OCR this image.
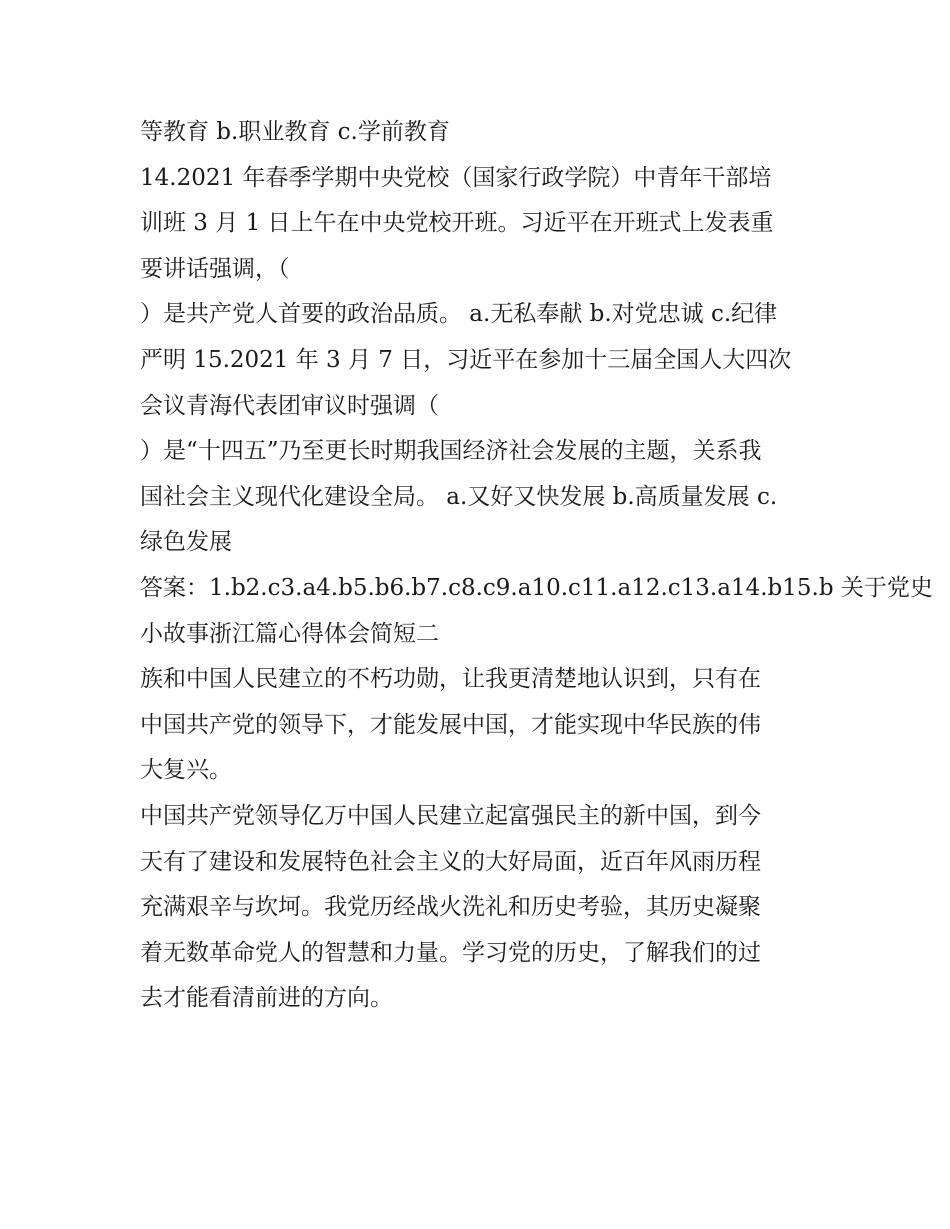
等教育 b.职业教育 c.学前教育
14.2021 年春季学期中央党校（国家行政学院）中青年干部培
训班 3 月 1 日上午在中央党校开班。习近平在开班式上发表重
要讲话强调，（
）是共产党人首要的政治品质。 a.无私奉献 b.对党忠诚 c.纪律
严明 15.2021 年 3 月 7 日，习近平在参加十三届全国人大四次
会议青海代表团审议时强调（
）是“十四五”乃至更长时期我国经济社会发展的主题，关系我
国社会主义现代化建设全局。 a.又好又快发展 b.高质量发展 c.
绿色发展
答案：1.b2.c3.a4.b5.b6.b7.c8.c9.a10.c11.a12.c13.a14.b15.b 关于党史
小故事浙江篇心得体会简短二
族和中国人民建立的不朽功勋，让我更清楚地认识到，只有在
中国共产党的领导下，才能发展中国，才能实现中华民族的伟
大复兴。
中国共产党领导亿万中国人民建立起富强民主的新中国，到今
天有了建设和发展特色社会主义的大好局面，近百年风雨历程
充满艰辛与坎坷。我党历经战火洗礼和历史考验，其历史凝聚
着无数革命党人的智慧和力量。学习党的历史，了解我们的过
去才能看清前进的方向。
